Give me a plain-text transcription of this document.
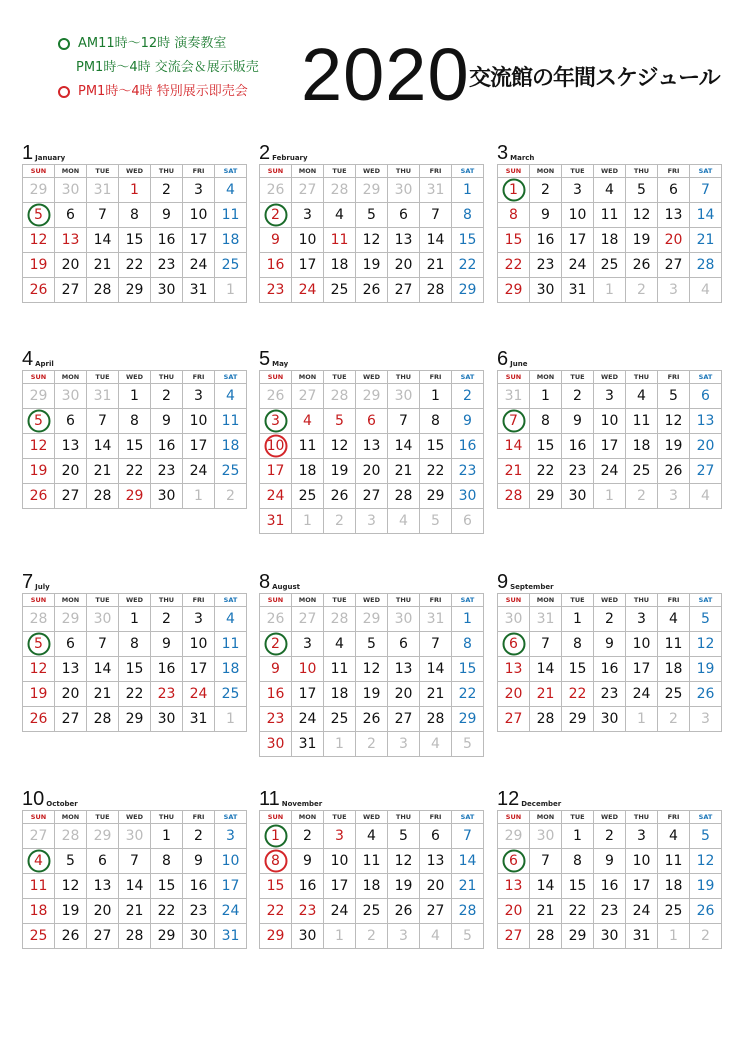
AM11時～12時 演奏教室
PM1時～4時 交流会＆展示販売
PM1時～4時 特別展示即売会 2020 交流館の年間スケジュール
1 January
SUN	MON	TUE	WED	THU	FRI	SAT
29	30	31	1	2	3	4
5	6	7	8	9	10	11
12	13	14	15	16	17	18
19	20	21	22	23	24	25
26	27	28	29	30	31	1
2 February
SUN	MON	TUE	WED	THU	FRI	SAT
26	27	28	29	30	31	1
2	3	4	5	6	7	8
9	10	11	12	13	14	15
16	17	18	19	20	21	22
23	24	25	26	27	28	29
3 March
SUN	MON	TUE	WED	THU	FRI	SAT
1	2	3	4	5	6	7
8	9	10	11	12	13	14
15	16	17	18	19	20	21
22	23	24	25	26	27	28
29	30	31	1	2	3	4
4 April
SUN	MON	TUE	WED	THU	FRI	SAT
29	30	31	1	2	3	4
5	6	7	8	9	10	11
12	13	14	15	16	17	18
19	20	21	22	23	24	25
26	27	28	29	30	1	2
5 May
SUN	MON	TUE	WED	THU	FRI	SAT
26	27	28	29	30	1	2
3	4	5	6	7	8	9
10	11	12	13	14	15	16
17	18	19	20	21	22	23
24	25	26	27	28	29	30
31	1	2	3	4	5	6
6 June
SUN	MON	TUE	WED	THU	FRI	SAT
31	1	2	3	4	5	6
7	8	9	10	11	12	13
14	15	16	17	18	19	20
21	22	23	24	25	26	27
28	29	30	1	2	3	4
7 July
SUN	MON	TUE	WED	THU	FRI	SAT
28	29	30	1	2	3	4
5	6	7	8	9	10	11
12	13	14	15	16	17	18
19	20	21	22	23	24	25
26	27	28	29	30	31	1
8 August
SUN	MON	TUE	WED	THU	FRI	SAT
26	27	28	29	30	31	1
2	3	4	5	6	7	8
9	10	11	12	13	14	15
16	17	18	19	20	21	22
23	24	25	26	27	28	29
30	31	1	2	3	4	5
9 September
SUN	MON	TUE	WED	THU	FRI	SAT
30	31	1	2	3	4	5
6	7	8	9	10	11	12
13	14	15	16	17	18	19
20	21	22	23	24	25	26
27	28	29	30	1	2	3
10 October
SUN	MON	TUE	WED	THU	FRI	SAT
27	28	29	30	1	2	3
4	5	6	7	8	9	10
11	12	13	14	15	16	17
18	19	20	21	22	23	24
25	26	27	28	29	30	31
11 November
SUN	MON	TUE	WED	THU	FRI	SAT
1	2	3	4	5	6	7
8	9	10	11	12	13	14
15	16	17	18	19	20	21
22	23	24	25	26	27	28
29	30	1	2	3	4	5
12 December
SUN	MON	TUE	WED	THU	FRI	SAT
29	30	1	2	3	4	5
6	7	8	9	10	11	12
13	14	15	16	17	18	19
20	21	22	23	24	25	26
27	28	29	30	31	1	2
